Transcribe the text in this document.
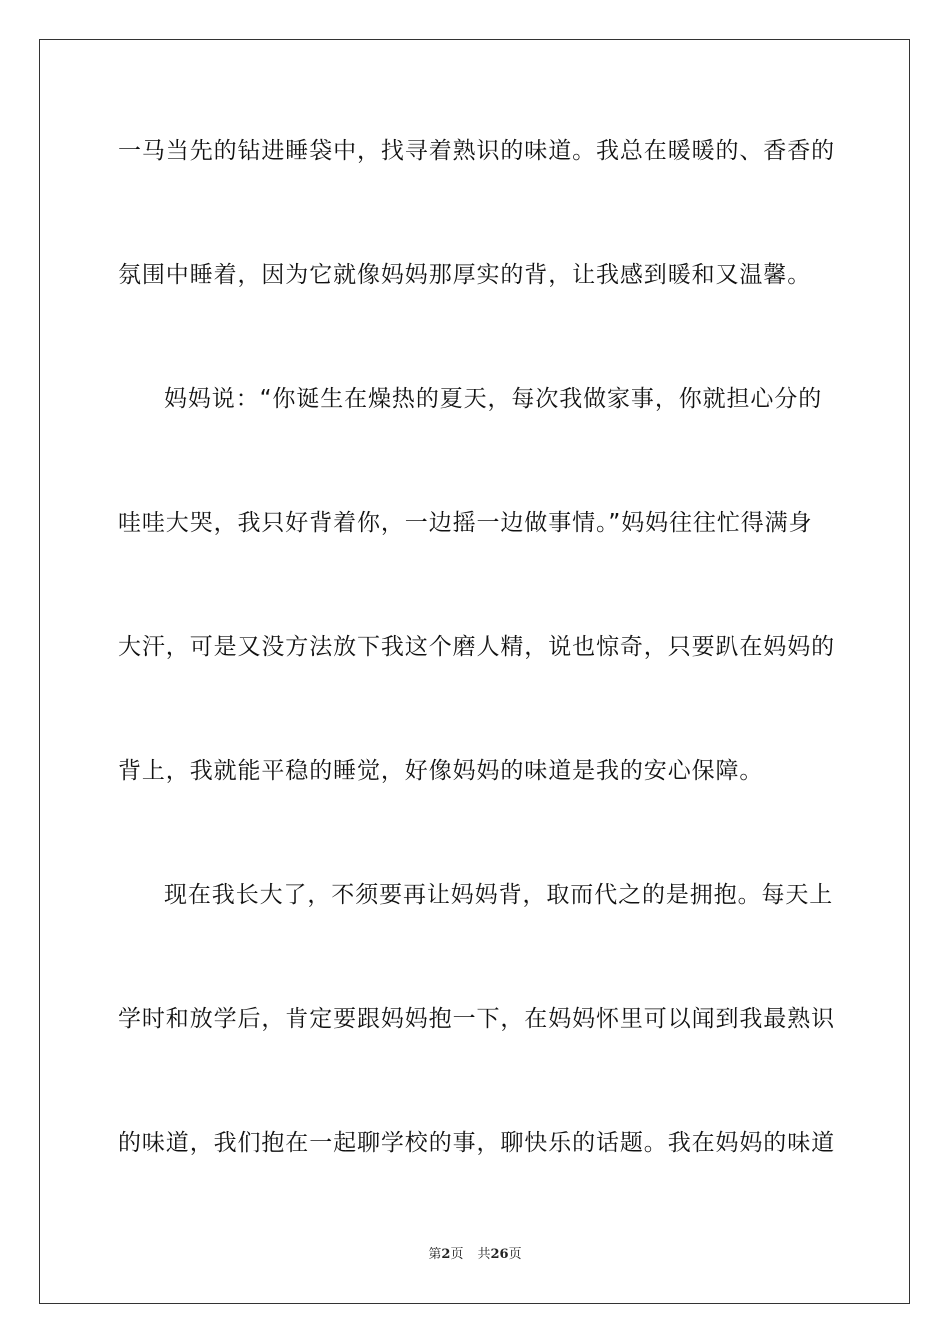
一马当先的钻进睡袋中，找寻着熟识的味道。我总在暖暖的、香香的
氛围中睡着，因为它就像妈妈那厚实的背，让我感到暖和又温馨。
妈妈说：“你诞生在燥热的夏天，每次我做家事，你就担心分的
哇哇大哭，我只好背着你，一边摇一边做事情。”妈妈往往忙得满身
大汗，可是又没方法放下我这个磨人精，说也惊奇，只要趴在妈妈的
背上，我就能平稳的睡觉，好像妈妈的味道是我的安心保障。
现在我长大了，不须要再让妈妈背，取而代之的是拥抱。每天上
学时和放学后，肯定要跟妈妈抱一下，在妈妈怀里可以闻到我最熟识
的味道，我们抱在一起聊学校的事，聊快乐的话题。我在妈妈的味道
第2页 共26页
